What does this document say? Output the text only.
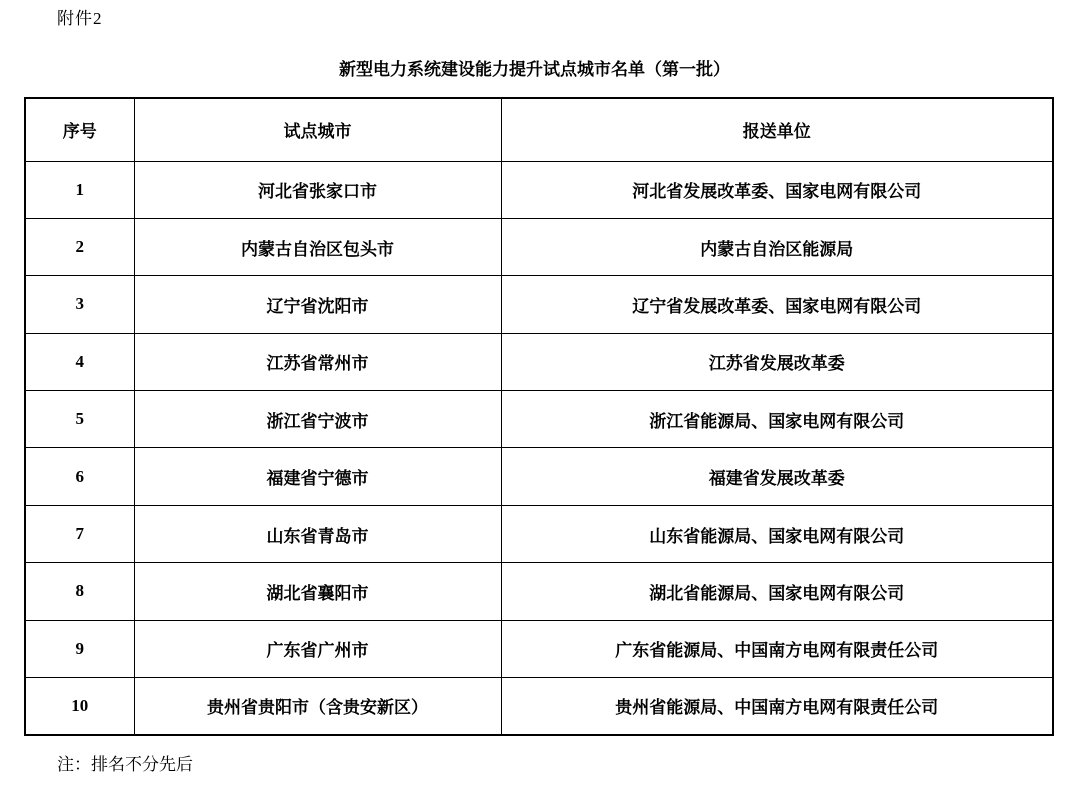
附件2
新型电力系统建设能力提升试点城市名单（第一批）
序号	试点城市	报送单位
1	河北省张家口市	河北省发展改革委、国家电网有限公司
2	内蒙古自治区包头市	内蒙古自治区能源局
3	辽宁省沈阳市	辽宁省发展改革委、国家电网有限公司
4	江苏省常州市	江苏省发展改革委
5	浙江省宁波市	浙江省能源局、国家电网有限公司
6	福建省宁德市	福建省发展改革委
7	山东省青岛市	山东省能源局、国家电网有限公司
8	湖北省襄阳市	湖北省能源局、国家电网有限公司
9	广东省广州市	广东省能源局、中国南方电网有限责任公司
10	贵州省贵阳市（含贵安新区）	贵州省能源局、中国南方电网有限责任公司
注：排名不分先后
